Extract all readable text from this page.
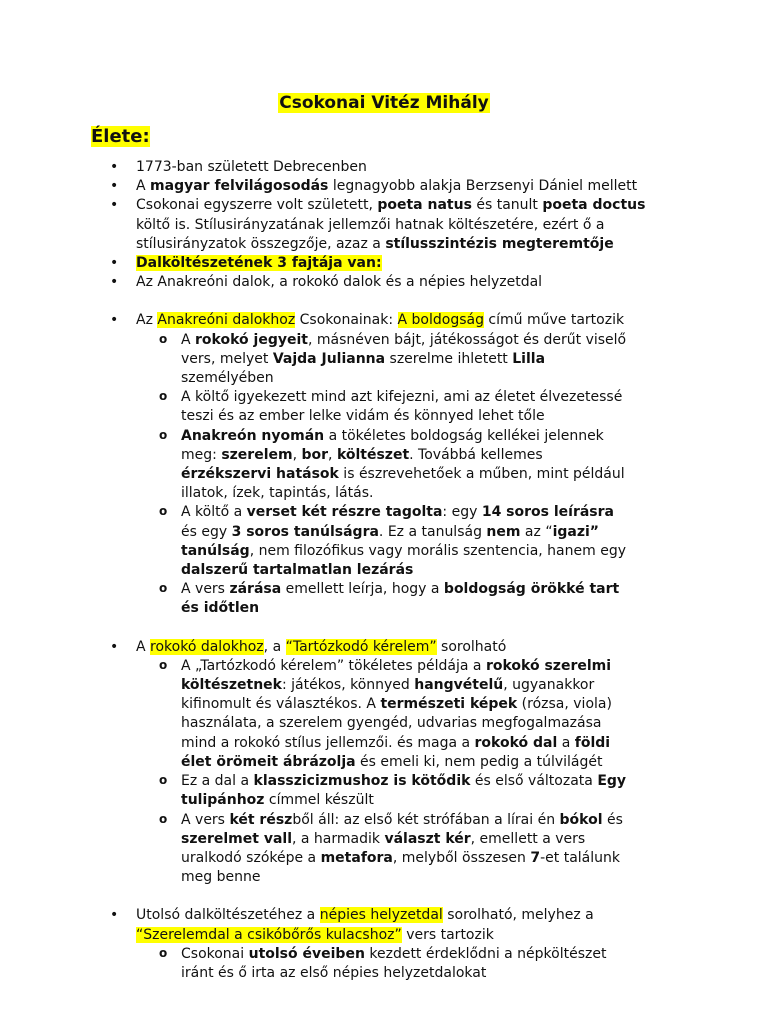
Csokonai Vitéz Mihály
Élete:
• 1773-ban született Debrecenben
• A magyar felvilágosodás legnagyobb alakja Berzsenyi Dániel mellett
• Csokonai egyszerre volt született, poeta natus és tanult poeta doctus költő is. Stílusirányzatának jellemzői hatnak költészetére, ezért ő a stílusirányzatok összegzője, azaz a stílusszintézis megteremtője
• Dalköltészetének 3 fajtája van:
• Az Anakreóni dalok, a rokokó dalok és a népies helyzetdal
• Az Anakreóni dalokhoz Csokonainak: A boldogság című műve tartozik
o A rokokó jegyeit, másnéven bájt, játékosságot és derűt viselő vers, melyet Vajda Julianna szerelme ihletett Lilla személyében
o A költő igyekezett mind azt kifejezni, ami az életet élvezetessé teszi és az ember lelke vidám és könnyed lehet tőle
o Anakreón nyomán a tökéletes boldogság kellékei jelennek meg: szerelem, bor, költészet. Továbbá kellemes érzékszervi hatások is észrevehetőek a műben, mint például illatok, ízek, tapintás, látás.
o A költő a verset két részre tagolta: egy 14 soros leírásra és egy 3 soros tanúlságra. Ez a tanulság nem az “igazi” tanúlság, nem filozófikus vagy morális szentencia, hanem egy dalszerű tartalmatlan lezárás
o A vers zárása emellett leírja, hogy a boldogság örökké tart és időtlen
• A rokokó dalokhoz, a “Tartózkodó kérelem” sorolható
o A „Tartózkodó kérelem” tökéletes példája a rokokó szerelmi költészetnek: játékos, könnyed hangvételű, ugyanakkor kifinomult és választékos. A természeti képek (rózsa, viola) használata, a szerelem gyengéd, udvarias megfogalmazása mind a rokokó stílus jellemzői. és maga a rokokó dal a földi élet örömeit ábrázolja és emeli ki, nem pedig a túlvilágét
o Ez a dal a klasszicizmushoz is kötődik és első változata Egy tulipánhoz címmel készült
o A vers két részből áll: az első két strófában a lírai én bókol és szerelmet vall, a harmadik választ kér, emellett a vers uralkodó szóképe a metafora, melyből összesen 7-et találunk meg benne
• Utolsó dalköltészetéhez a népies helyzetdal sorolható, melyhez a “Szerelemdal a csikóbőrős kulacshoz” vers tartozik
o Csokonai utolsó éveiben kezdett érdeklődni a népköltészet iránt és ő irta az első népies helyzetdalokat
